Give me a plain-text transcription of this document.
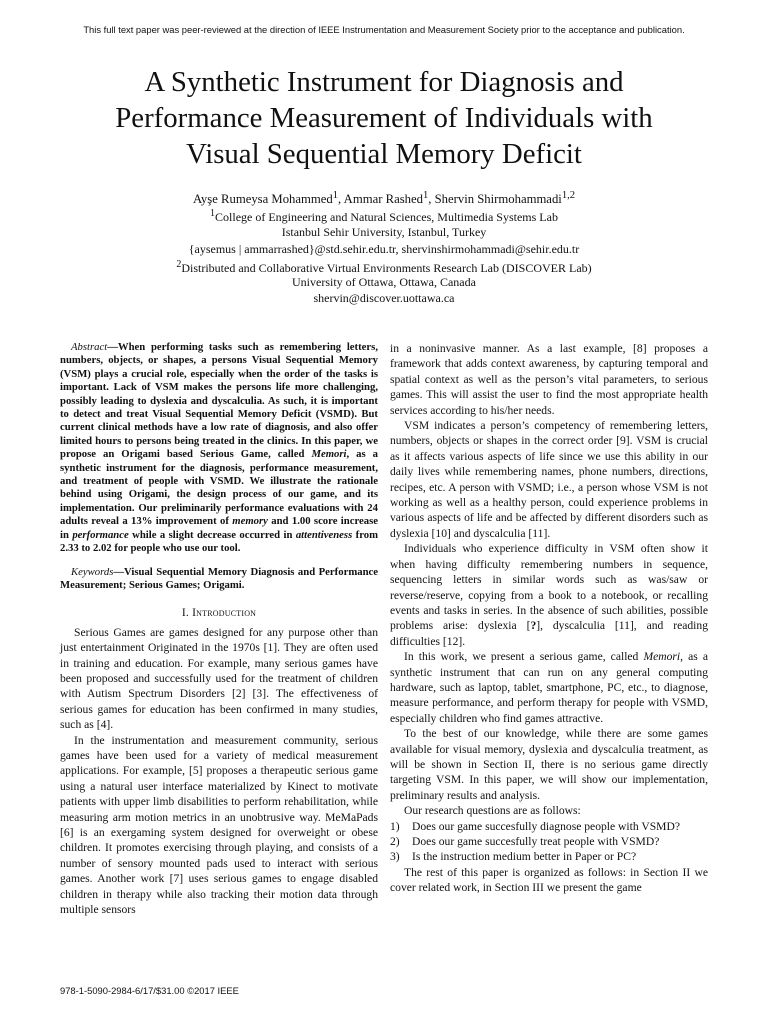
This full text paper was peer-reviewed at the direction of IEEE Instrumentation and Measurement Society prior to the acceptance and publication.
A Synthetic Instrument for Diagnosis and
Performance Measurement of Individuals with
Visual Sequential Memory Deficit
Ayşe Rumeysa Mohammed$^1$, Ammar Rashed$^1$, Shervin Shirmohammadi$^{1,2}$
$^1$College of Engineering and Natural Sciences, Multimedia Systems Lab
Istanbul Sehir University, Istanbul, Turkey
{aysemus | ammarrashed}@std.sehir.edu.tr, shervinshirmohammadi@sehir.edu.tr
$^2$Distributed and Collaborative Virtual Environments Research Lab (DISCOVER Lab)
University of Ottawa, Ottawa, Canada
shervin@discover.uottawa.ca

Abstract—When performing tasks such as remembering letters, numbers, objects, or shapes, a persons Visual Sequential Memory (VSM) plays a crucial role, especially when the order of the tasks is important. Lack of VSM makes the persons life more challenging, possibly leading to dyslexia and dyscalculia. As such, it is important to detect and treat Visual Sequential Memory Deficit (VSMD). But current clinical methods have a low rate of diagnosis, and also offer limited hours to persons being treated in the clinics. In this paper, we propose an Origami based Serious Game, called Memori, as a synthetic instrument for the diagnosis, performance measurement, and treatment of people with VSMD. We illustrate the rationale behind using Origami, the design process of our game, and its implementation. Our preliminarily performance evaluations with 24 adults reveal a 13% improvement of memory and 1.00 score increase in performance while a slight decrease occurred in attentiveness from 2.33 to 2.02 for people who use our tool.

Keywords—Visual Sequential Memory Diagnosis and Performance Measurement; Serious Games; Origami.

I. Introduction

Serious Games are games designed for any purpose other than just entertainment Originated in the 1970s [1]. They are often used in training and education. For example, many serious games have been proposed and successfully used for the treatment of children with Autism Spectrum Disorders [2] [3]. The effectiveness of serious games for education has been confirmed in many studies, such as [4].

In the instrumentation and measurement community, serious games have been used for a variety of medical measurement applications. For example, [5] proposes a therapeutic serious game using a natural user interface materialized by Kinect to motivate patients with upper limb disabilities to perform rehabilitation, while measuring arm motion metrics in an unobtrusive way. MeMaPads [6] is an exergaming system designed for overweight or obese children. It promotes exercising through playing, and consists of a number of sensory mounted pads used to interact with serious games. Another work [7] uses serious games to engage disabled children in therapy while also tracking their motion data through multiple sensors

in a noninvasive manner. As a last example, [8] proposes a framework that adds context awareness, by capturing temporal and spatial context as well as the person’s vital parameters, to serious games. This will assist the user to find the most appropriate health services according to his/her needs.

VSM indicates a person’s competency of remembering letters, numbers, objects or shapes in the correct order [9]. VSM is crucial as it affects various aspects of life since we use this ability in our daily lives while remembering names, phone numbers, directions, recipes, etc. A person with VSMD; i.e., a person whose VSM is not working as well as a healthy person, could experience problems in various aspects of life and be affected by different disorders such as dyslexia [10] and dyscalculia [11].

Individuals who experience difficulty in VSM often show it when having difficulty remembering numbers in sequence, sequencing letters in similar words such as was/saw or reverse/reserve, copying from a book to a notebook, or recalling events and tasks in series. In the absence of such abilities, possible problems arise: dyslexia [?], dyscalculia [11], and reading difficulties [12].

In this work, we present a serious game, called Memori, as a synthetic instrument that can run on any general computing hardware, such as laptop, tablet, smartphone, PC, etc., to diagnose, measure performance, and perform therapy for people with VSMD, especially children who find games attractive.

To the best of our knowledge, while there are some games available for visual memory, dyslexia and dyscalculia treatment, as will be shown in Section II, there is no serious game directly targeting VSM. In this paper, we will show our implementation, preliminary results and analysis.

Our research questions are as follows:

1) Does our game succesfully diagnose people with VSMD?
2) Does our game succesfully treat people with VSMD?
3) Is the instruction medium better in Paper or PC?

The rest of this paper is organized as follows: in Section II we cover related work, in Section III we present the game

978-1-5090-2984-6/17/$31.00 ©2017 IEEE
